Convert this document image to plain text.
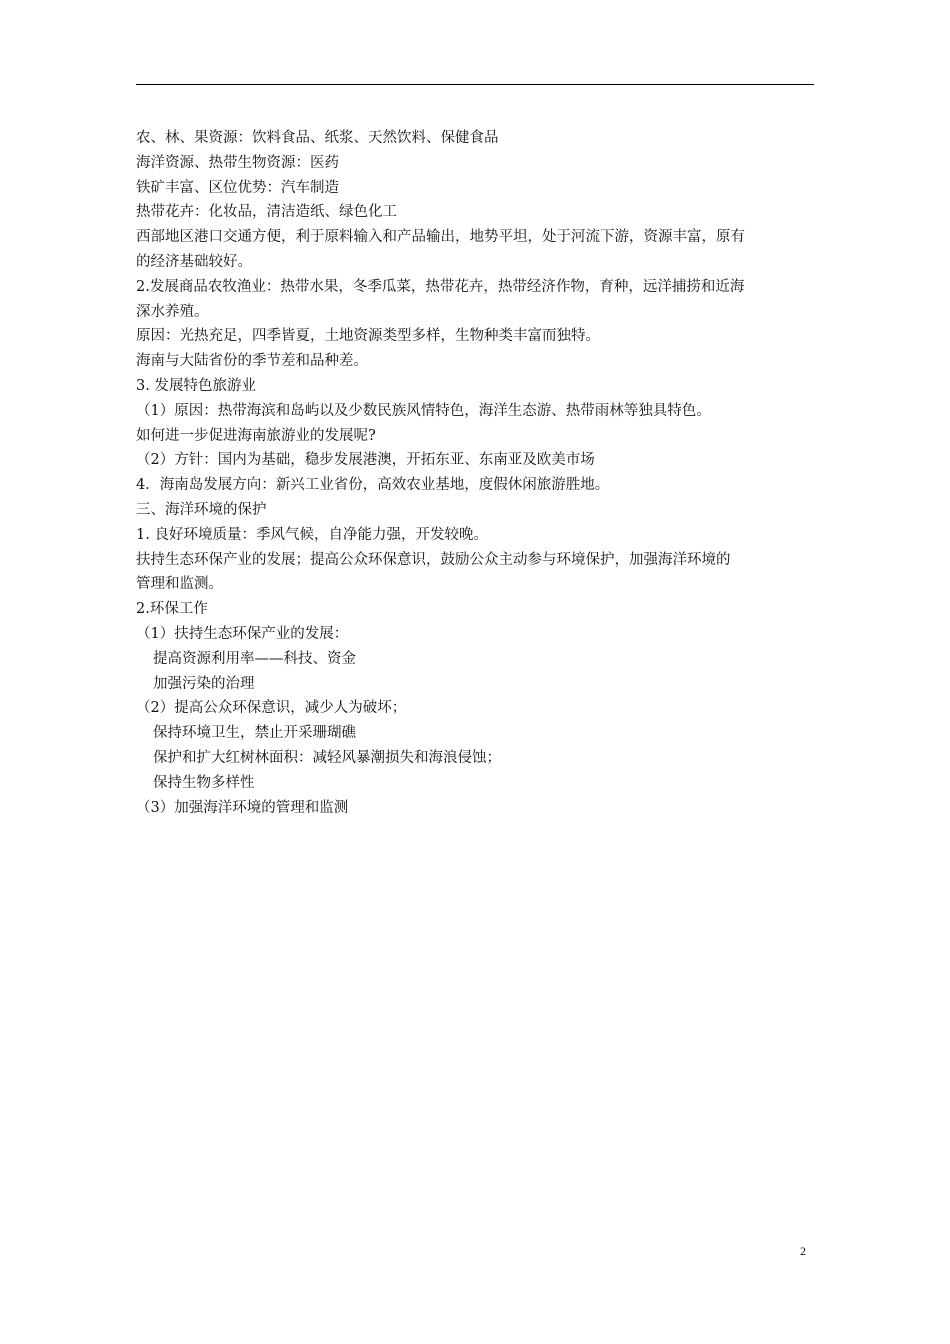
农、林、果资源：饮料食品、纸浆、天然饮料、保健食品
海洋资源、热带生物资源：医药
铁矿丰富、区位优势：汽车制造
热带花卉：化妆品，清洁造纸、绿色化工
西部地区港口交通方便，利于原料输入和产品输出，地势平坦，处于河流下游，资源丰富，原有
的经济基础较好。
2.发展商品农牧渔业：热带水果，冬季瓜菜，热带花卉，热带经济作物，育种，远洋捕捞和近海
深水养殖。
原因：光热充足，四季皆夏，土地资源类型多样，生物种类丰富而独特。
海南与大陆省份的季节差和品种差。
3. 发展特色旅游业
（1）原因：热带海滨和岛屿以及少数民族风情特色，海洋生态游、热带雨林等独具特色。
如何进一步促进海南旅游业的发展呢?
（2）方针：国内为基础，稳步发展港澳，开拓东亚、东南亚及欧美市场
4．海南岛发展方向：新兴工业省份，高效农业基地，度假休闲旅游胜地。
三、海洋环境的保护
1. 良好环境质量：季风气候，自净能力强，开发较晚。
扶持生态环保产业的发展；提高公众环保意识，鼓励公众主动参与环境保护，加强海洋环境的
管理和监测。
2.环保工作
（1）扶持生态环保产业的发展：
提高资源利用率——科技、资金
加强污染的治理
（2）提高公众环保意识，减少人为破坏；
保持环境卫生，禁止开采珊瑚礁
保护和扩大红树林面积：减轻风暴潮损失和海浪侵蚀；
保持生物多样性
（3）加强海洋环境的管理和监测
2
